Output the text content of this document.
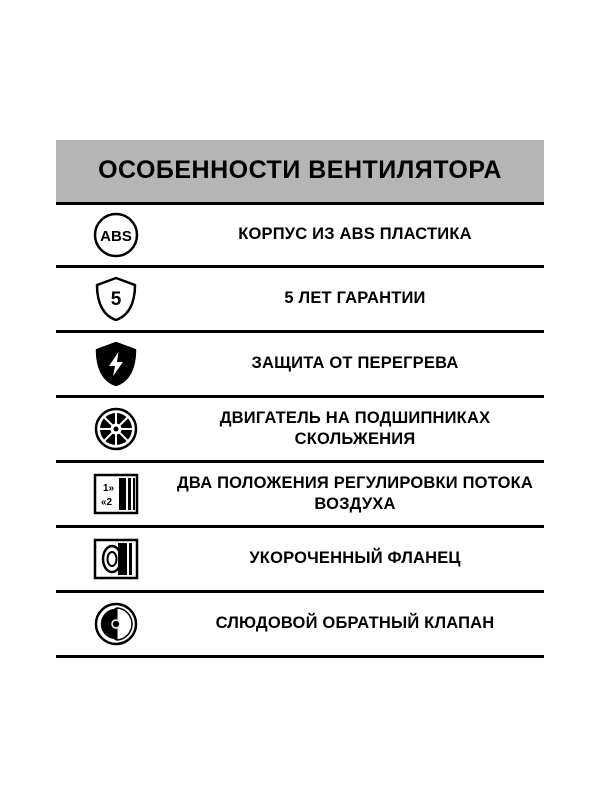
ОСОБЕННОСТИ ВЕНТИЛЯТОРА
ABS	КОРПУС ИЗ ABS ПЛАСТИКА
5	5 ЛЕТ ГАРАНТИИ
ЗАЩИТА ОТ ПЕРЕГРЕВА
ДВИГАТЕЛЬ НА ПОДШИПНИКАХ СКОЛЬЖЕНИЯ
1»
«2
ДВА ПОЛОЖЕНИЯ РЕГУЛИРОВКИ ПОТОКА ВОЗДУХА
УКОРОЧЕННЫЙ ФЛАНЕЦ
СЛЮДОВОЙ ОБРАТНЫЙ КЛАПАН
